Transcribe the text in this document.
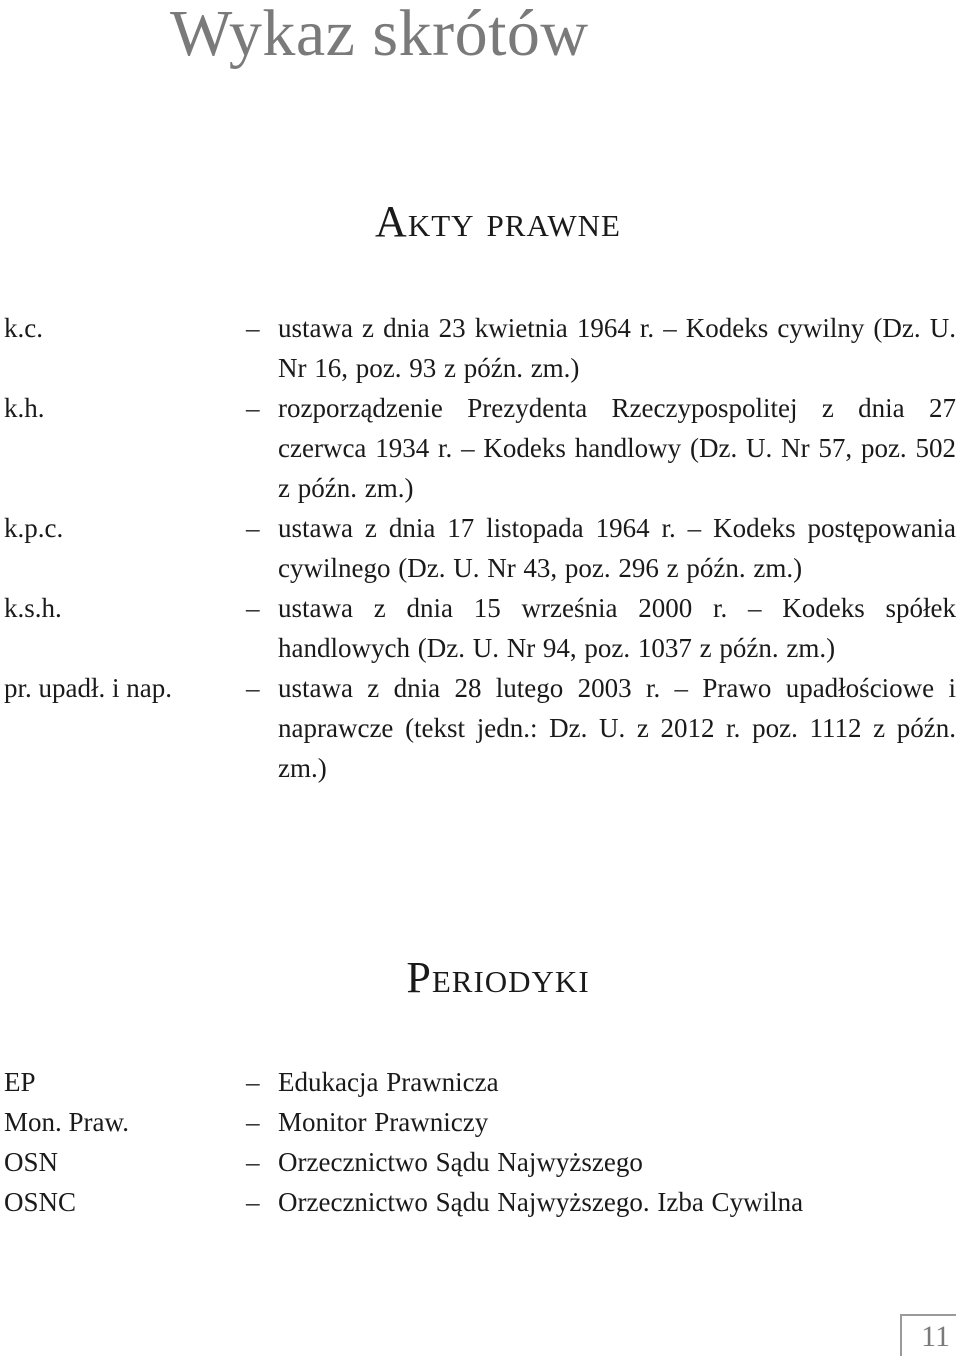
Wykaz skrótów
Akty prawne
k.c.	– ustawa z dnia 23 kwietnia 1964 r. – Kodeks cywilny (Dz. U. Nr 16, poz. 93 z późn. zm.)
k.h.	– rozporządzenie Prezydenta Rzeczypospolitej z dnia 27 czerwca 1934 r. – Kodeks handlowy (Dz. U. Nr 57, poz. 502 z późn. zm.)
k.p.c.	– ustawa z dnia 17 listopada 1964 r. – Kodeks postępowania cywilnego (Dz. U. Nr 43, poz. 296 z późn. zm.)
k.s.h.	– ustawa z dnia 15 września 2000 r. – Kodeks spółek handlowych (Dz. U. Nr 94, poz. 1037 z późn. zm.)
pr. upadł. i nap.	– ustawa z dnia 28 lutego 2003 r. – Prawo upadłościowe i naprawcze (tekst jedn.: Dz. U. z 2012 r. poz. 1112 z późn. zm.)
Periodyki
EP	– Edukacja Prawnicza
Mon. Praw.	– Monitor Prawniczy
OSN	– Orzecznictwo Sądu Najwyższego
OSNC	– Orzecznictwo Sądu Najwyższego. Izba Cywilna
11
